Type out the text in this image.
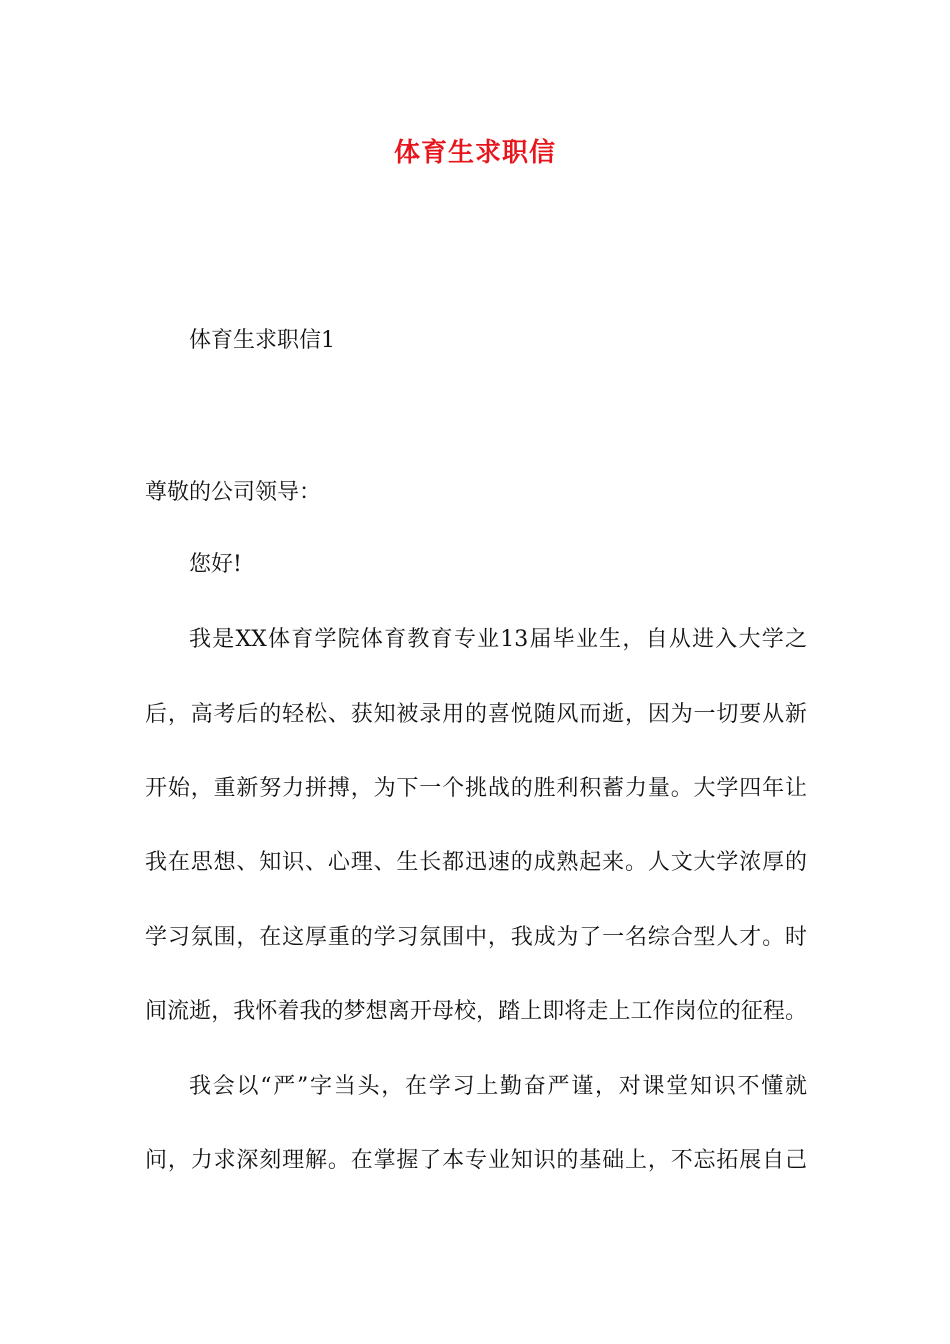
体育生求职信
体育生求职信1
尊敬的公司领导：
您好!
我是XX体育学院体育教育专业13届毕业生，自从进入大学之
后，高考后的轻松、获知被录用的喜悦随风而逝，因为一切要从新
开始，重新努力拼搏，为下一个挑战的胜利积蓄力量。大学四年让
我在思想、知识、心理、生长都迅速的成熟起来。人文大学浓厚的
学习氛围，在这厚重的学习氛围中，我成为了一名综合型人才。时
间流逝，我怀着我的梦想离开母校，踏上即将走上工作岗位的征程。
我会以“严”字当头，在学习上勤奋严谨，对课堂知识不懂就
问，力求深刻理解。在掌握了本专业知识的基础上，不忘拓展自己
